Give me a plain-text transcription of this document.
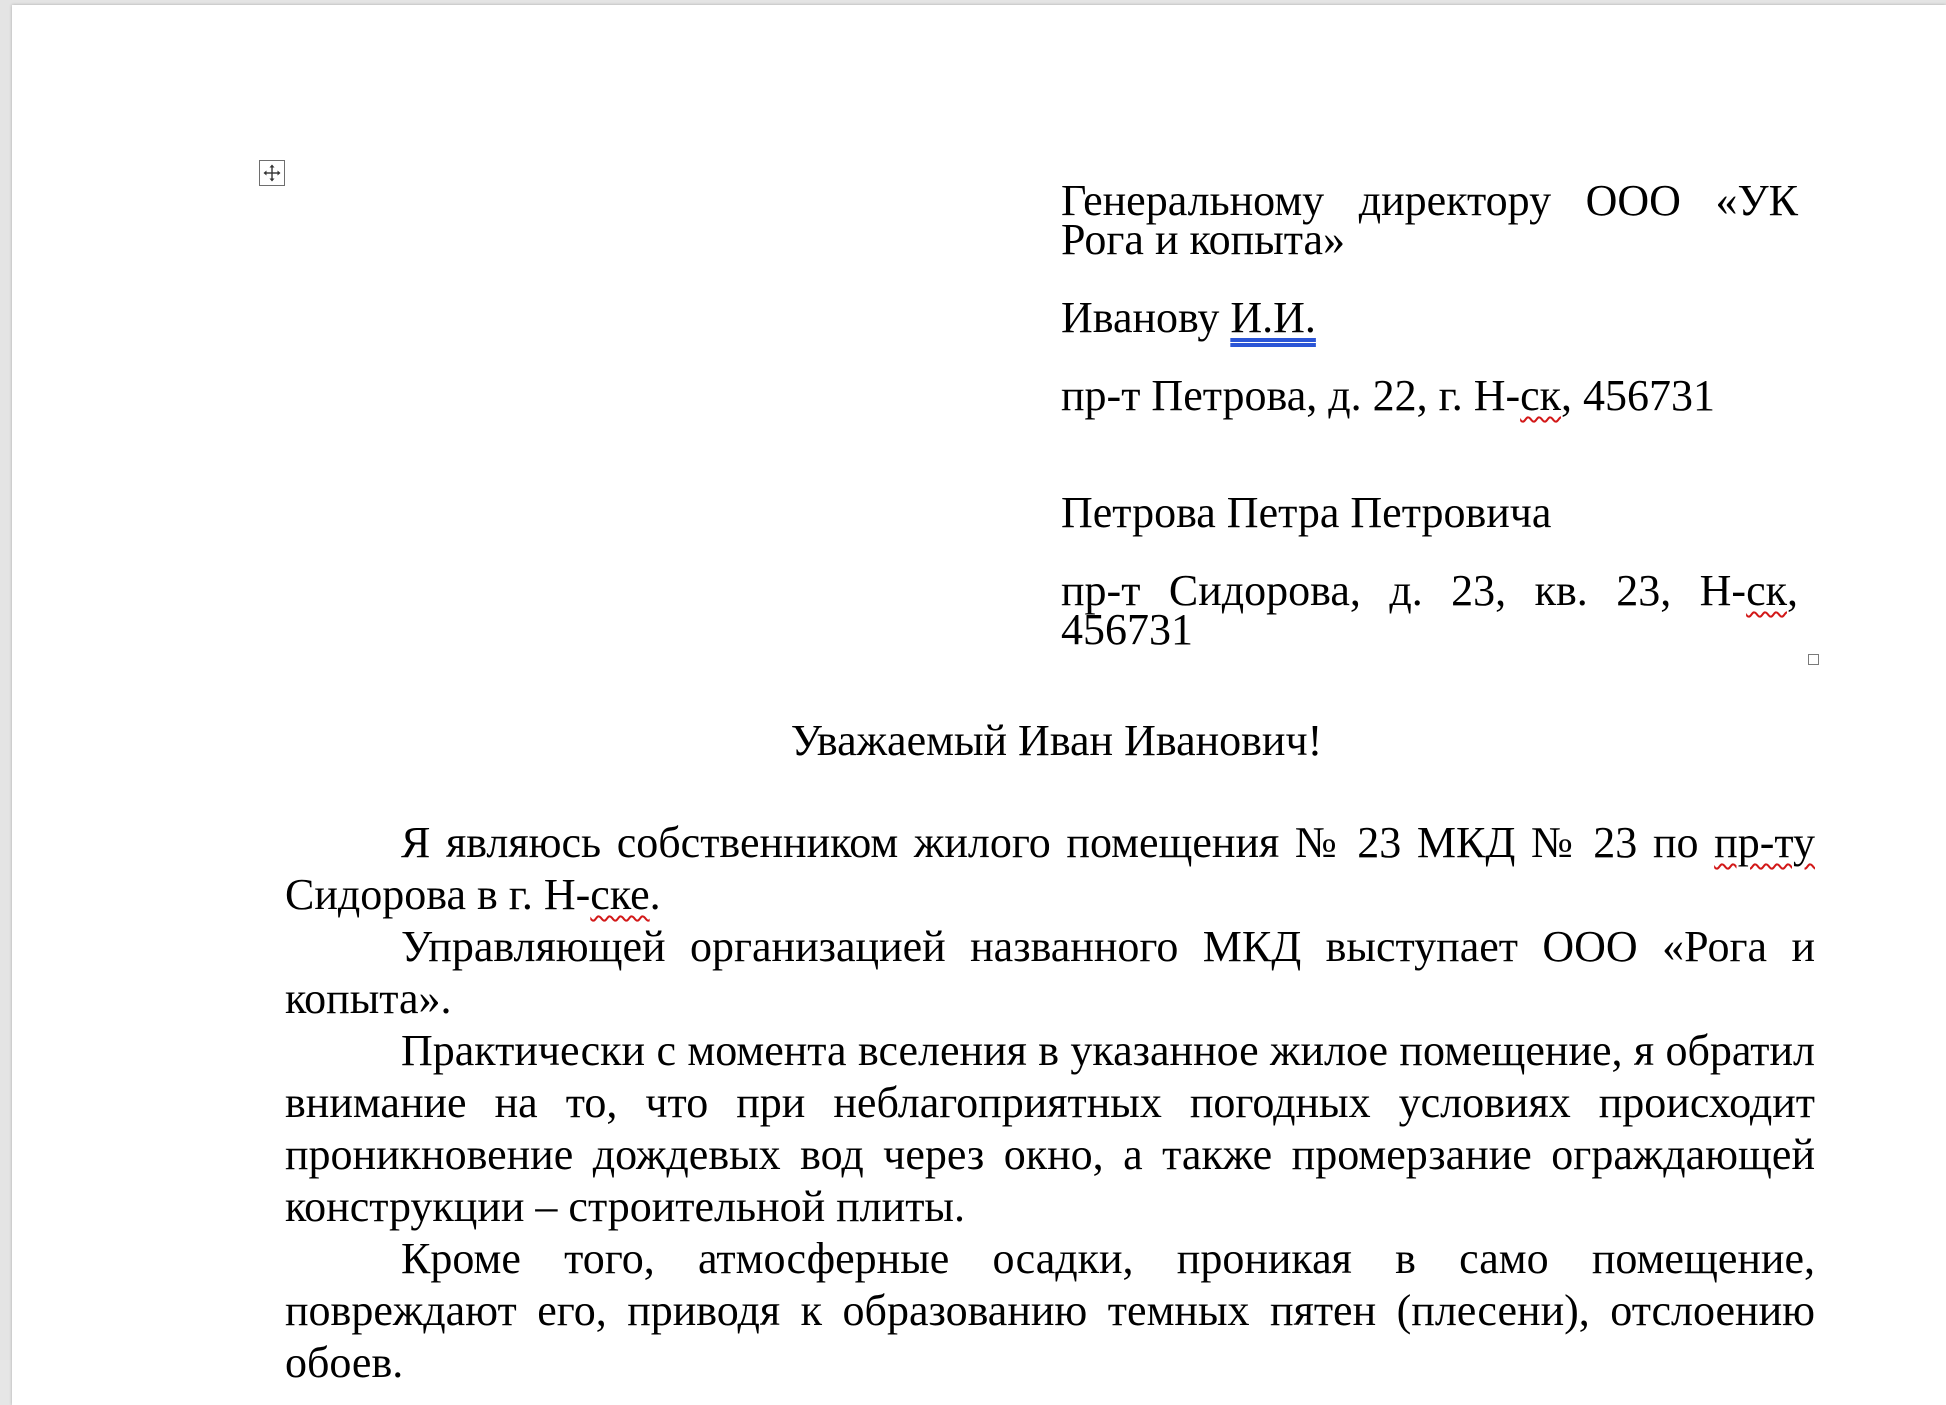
Генеральному директору ООО «УК Рога и копыта»

Иванову И.И.

пр-т Петрова, д. 22, г. Н-ск, 456731

Петрова Петра Петровича

пр-т Сидорова, д. 23, кв. 23, Н-ск, 456731

Уважаемый Иван Иванович!

Я являюсь собственником жилого помещения № 23 МКД № 23 по пр-ту Сидорова в г. Н-ске.

Управляющей организацией названного МКД выступает ООО «Рога и копыта».

Практически с момента вселения в указанное жилое помещение, я обратил внимание на то, что при неблагоприятных погодных условиях происходит проникновение дождевых вод через окно, а также промерзание ограждающей конструкции – строительной плиты.

Кроме того, атмосферные осадки, проникая в само помещение, повреждают его, приводя к образованию темных пятен (плесени), отслоению обоев.
